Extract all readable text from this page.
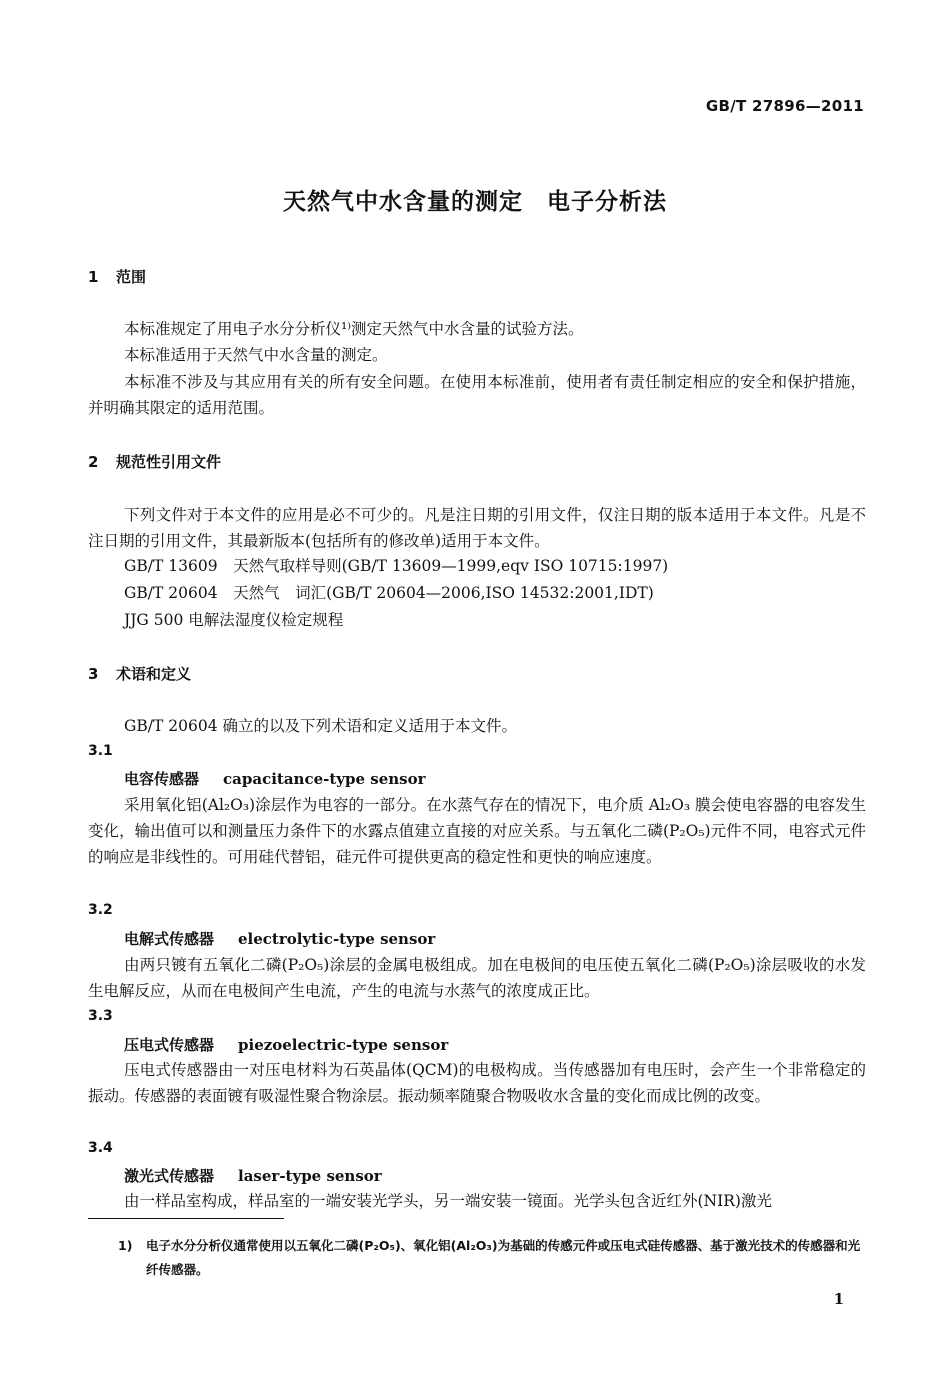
GB/T 27896—2011
天然气中水含量的测定　电子分析法
1 范围
本标准规定了用电子水分分析仪¹⁾测定天然气中水含量的试验方法。
本标准适用于天然气中水含量的测定。
本标准不涉及与其应用有关的所有安全问题。在使用本标准前，使用者有责任制定相应的安全和保护措施，并明确其限定的适用范围。
2 规范性引用文件
下列文件对于本文件的应用是必不可少的。凡是注日期的引用文件，仅注日期的版本适用于本文件。凡是不注日期的引用文件，其最新版本(包括所有的修改单)适用于本文件。
GB/T 13609　天然气取样导则(GB/T 13609—1999,eqv ISO 10715:1997)
GB/T 20604　天然气　词汇(GB/T 20604—2006,ISO 14532:2001,IDT)
JJG 500 电解法湿度仪检定规程
3 术语和定义
GB/T 20604 确立的以及下列术语和定义适用于本文件。
3.1
电容传感器 capacitance-type sensor
采用氧化铝(Al₂O₃)涂层作为电容的一部分。在水蒸气存在的情况下，电介质 Al₂O₃ 膜会使电容器的电容发生变化，输出值可以和测量压力条件下的水露点值建立直接的对应关系。与五氧化二磷(P₂O₅)元件不同，电容式元件的响应是非线性的。可用硅代替铝，硅元件可提供更高的稳定性和更快的响应速度。
3.2
电解式传感器 electrolytic-type sensor
由两只镀有五氧化二磷(P₂O₅)涂层的金属电极组成。加在电极间的电压使五氧化二磷(P₂O₅)涂层吸收的水发生电解反应，从而在电极间产生电流，产生的电流与水蒸气的浓度成正比。
3.3
压电式传感器 piezoelectric-type sensor
压电式传感器由一对压电材料为石英晶体(QCM)的电极构成。当传感器加有电压时，会产生一个非常稳定的振动。传感器的表面镀有吸湿性聚合物涂层。振动频率随聚合物吸收水含量的变化而成比例的改变。
3.4
激光式传感器 laser-type sensor
由一样品室构成，样品室的一端安装光学头，另一端安装一镜面。光学头包含近红外(NIR)激光
1) 电子水分分析仪通常使用以五氧化二磷(P₂O₅)、氧化铝(Al₂O₃)为基础的传感元件或压电式硅传感器、基于激光技术的传感器和光纤传感器。
1
